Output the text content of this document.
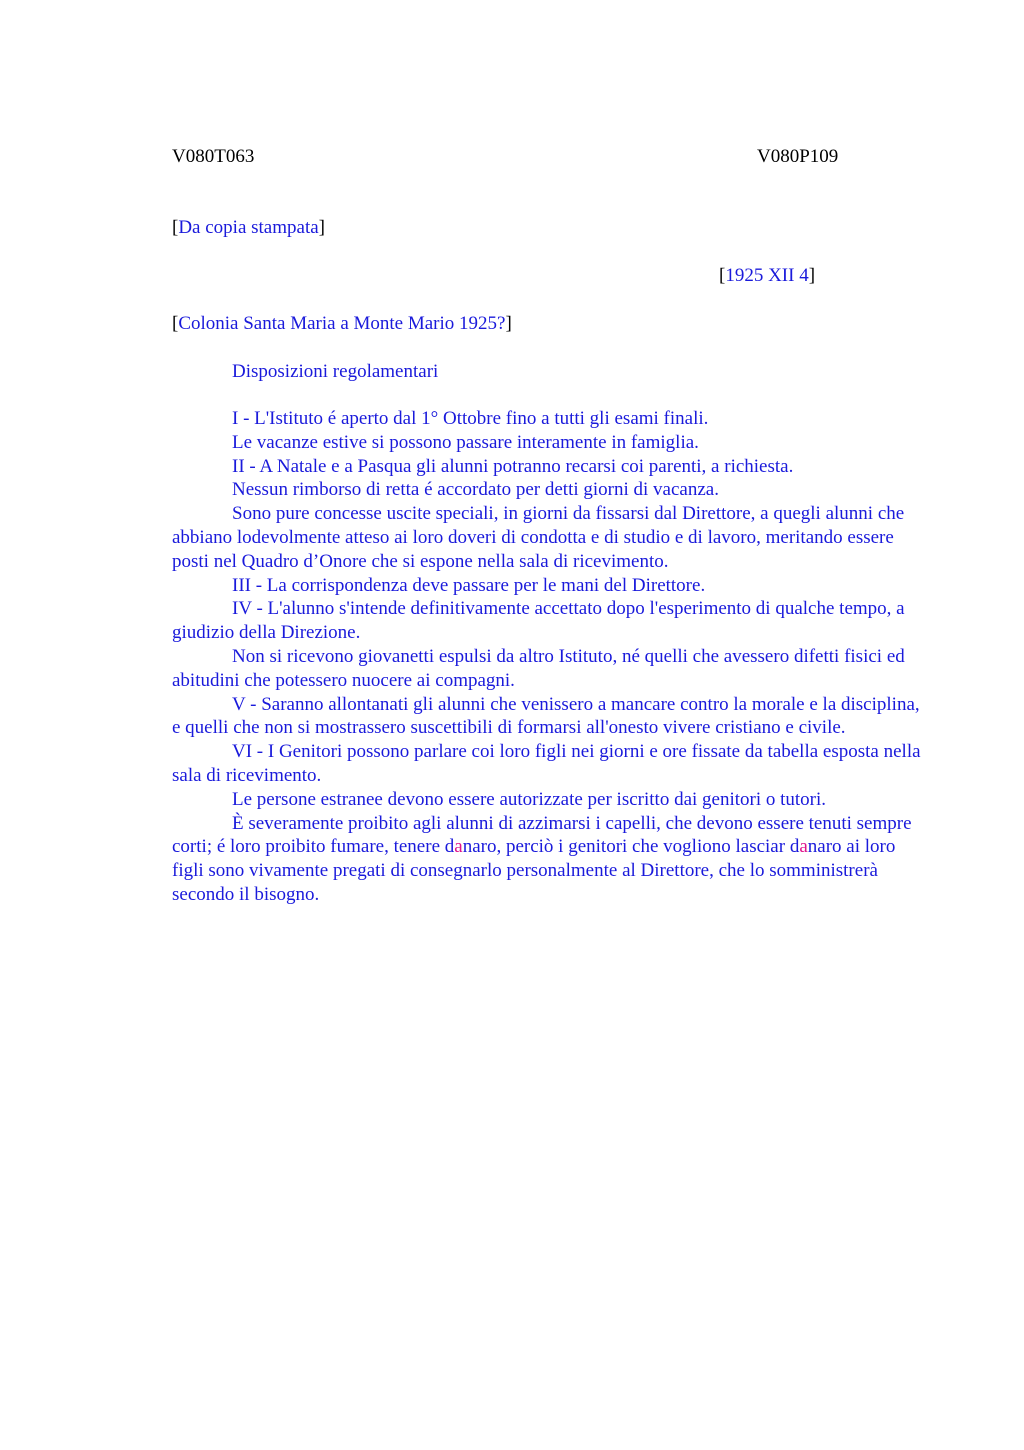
V080T063	V080P109
[Da copia stampata]
[1925 XII 4]
[Colonia Santa Maria a Monte Mario 1925?]
Disposizioni regolamentari

I - L'Istituto é aperto dal 1° Ottobre fino a tutti gli esami finali.

Le vacanze estive si possono passare interamente in famiglia.

II - A Natale e a Pasqua gli alunni potranno recarsi coi parenti, a richiesta.

Nessun rimborso di retta é accordato per detti giorni di vacanza.

Sono pure concesse uscite speciali, in giorni da fissarsi dal Direttore, a quegli alunni che abbiano lodevolmente atteso ai loro doveri di condotta e di studio e di lavoro, meritando essere posti nel Quadro d’Onore che si espone nella sala di ricevimento.

III - La corrispondenza deve passare per le mani del Direttore.

IV - L'alunno s'intende definitivamente accettato dopo l'esperimento di qualche tempo, a giudizio della Direzione.

Non si ricevono giovanetti espulsi da altro Istituto, né quelli che avessero difetti fisici ed abitudini che potessero nuocere ai compagni.

V - Saranno allontanati gli alunni che venissero a mancare contro la morale e la disciplina, e quelli che non si mostrassero suscettibili di formarsi all'onesto vivere cristiano e civile.

VI - I Genitori possono parlare coi loro figli nei giorni e ore fissate da tabella esposta nella sala di ricevimento.

Le persone estranee devono essere autorizzate per iscritto dai genitori o tutori.

È severamente proibito agli alunni di azzimarsi i capelli, che devono essere tenuti sempre corti; é loro proibito fumare, tenere danaro, perciò i genitori che vogliono lasciar danaro ai loro figli sono vivamente pregati di consegnarlo personalmente al Direttore, che lo somministrerà secondo il bisogno.
